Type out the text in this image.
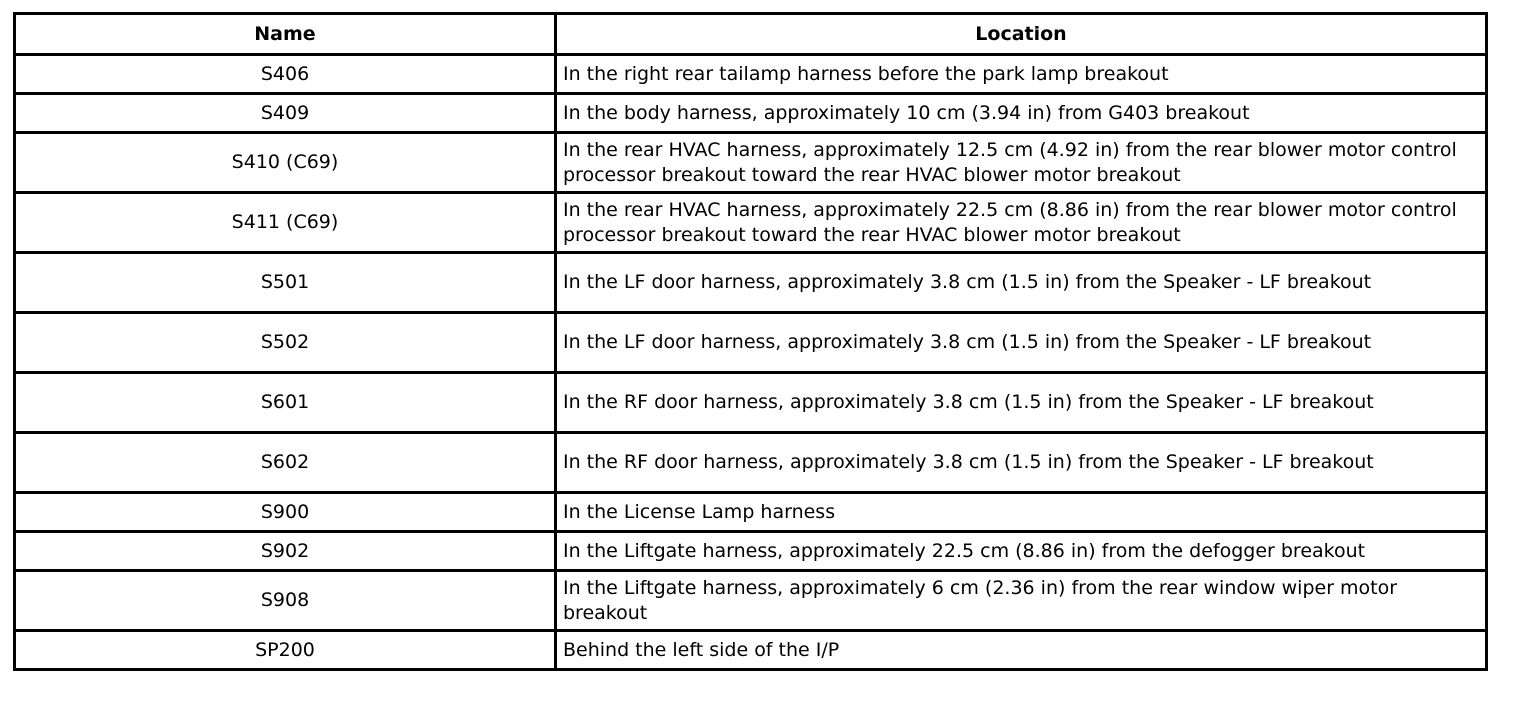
Name	Location
S406	In the right rear tailamp harness before the park lamp breakout
S409	In the body harness, approximately 10 cm (3.94 in) from G403 breakout
S410 (C69)	In the rear HVAC harness, approximately 12.5 cm (4.92 in) from the rear blower motor control processor breakout toward the rear HVAC blower motor breakout
S411 (C69)	In the rear HVAC harness, approximately 22.5 cm (8.86 in) from the rear blower motor control processor breakout toward the rear HVAC blower motor breakout
S501	In the LF door harness, approximately 3.8 cm (1.5 in) from the Speaker - LF breakout
S502	In the LF door harness, approximately 3.8 cm (1.5 in) from the Speaker - LF breakout
S601	In the RF door harness, approximately 3.8 cm (1.5 in) from the Speaker - LF breakout
S602	In the RF door harness, approximately 3.8 cm (1.5 in) from the Speaker - LF breakout
S900	In the License Lamp harness
S902	In the Liftgate harness, approximately 22.5 cm (8.86 in) from the defogger breakout
S908	In the Liftgate harness, approximately 6 cm (2.36 in) from the rear window wiper motor breakout
SP200	Behind the left side of the I/P
